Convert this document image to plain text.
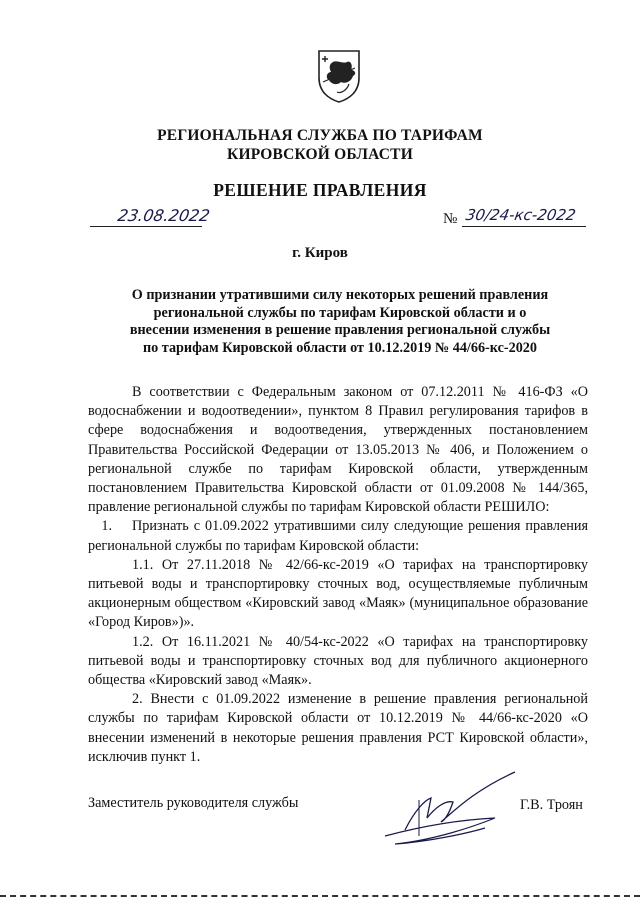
РЕГИОНАЛЬНАЯ СЛУЖБА ПО ТАРИФАМ
КИРОВСКОЙ ОБЛАСТИ
РЕШЕНИЕ ПРАВЛЕНИЯ
23.08.2022	№ 30/24-кс-2022
г. Киров
О признании утратившими силу некоторых решений правления
региональной службы по тарифам Кировской области и о
внесении изменения в решение правления региональной службы
по тарифам Кировской области от 10.12.2019 № 44/66-кс-2020

В соответствии с Федеральным законом от 07.12.2011 № 416-ФЗ «О водоснабжении и водоотведении», пунктом 8 Правил регулирования тарифов в сфере водоснабжения и водоотведения, утвержденных постановлением Правительства Российской Федерации от 13.05.2013 № 406, и Положением о региональной службе по тарифам Кировской области, утвержденным постановлением Правительства Кировской области от 01.09.2008 № 144/365, правление региональной службы по тарифам Кировской области РЕШИЛО:

1. Признать с 01.09.2022 утратившими силу следующие решения правления региональной службы по тарифам Кировской области:

1.1. От 27.11.2018 № 42/66-кс-2019 «О тарифах на транспортировку питьевой воды и транспортировку сточных вод, осуществляемые публичным акционерным обществом «Кировский завод «Маяк» (муниципальное образование «Город Киров»)».

1.2. От 16.11.2021 № 40/54-кс-2022 «О тарифах на транспортировку питьевой воды и транспортировку сточных вод для публичного акционерного общества «Кировский завод «Маяк».

2. Внести с 01.09.2022 изменение в решение правления региональной службы по тарифам Кировской области от 10.12.2019 № 44/66-кс-2020 «О внесении изменений в некоторые решения правления РСТ Кировской области», исключив пункт 1.

Заместитель руководителя службы	Г.В. Троян
